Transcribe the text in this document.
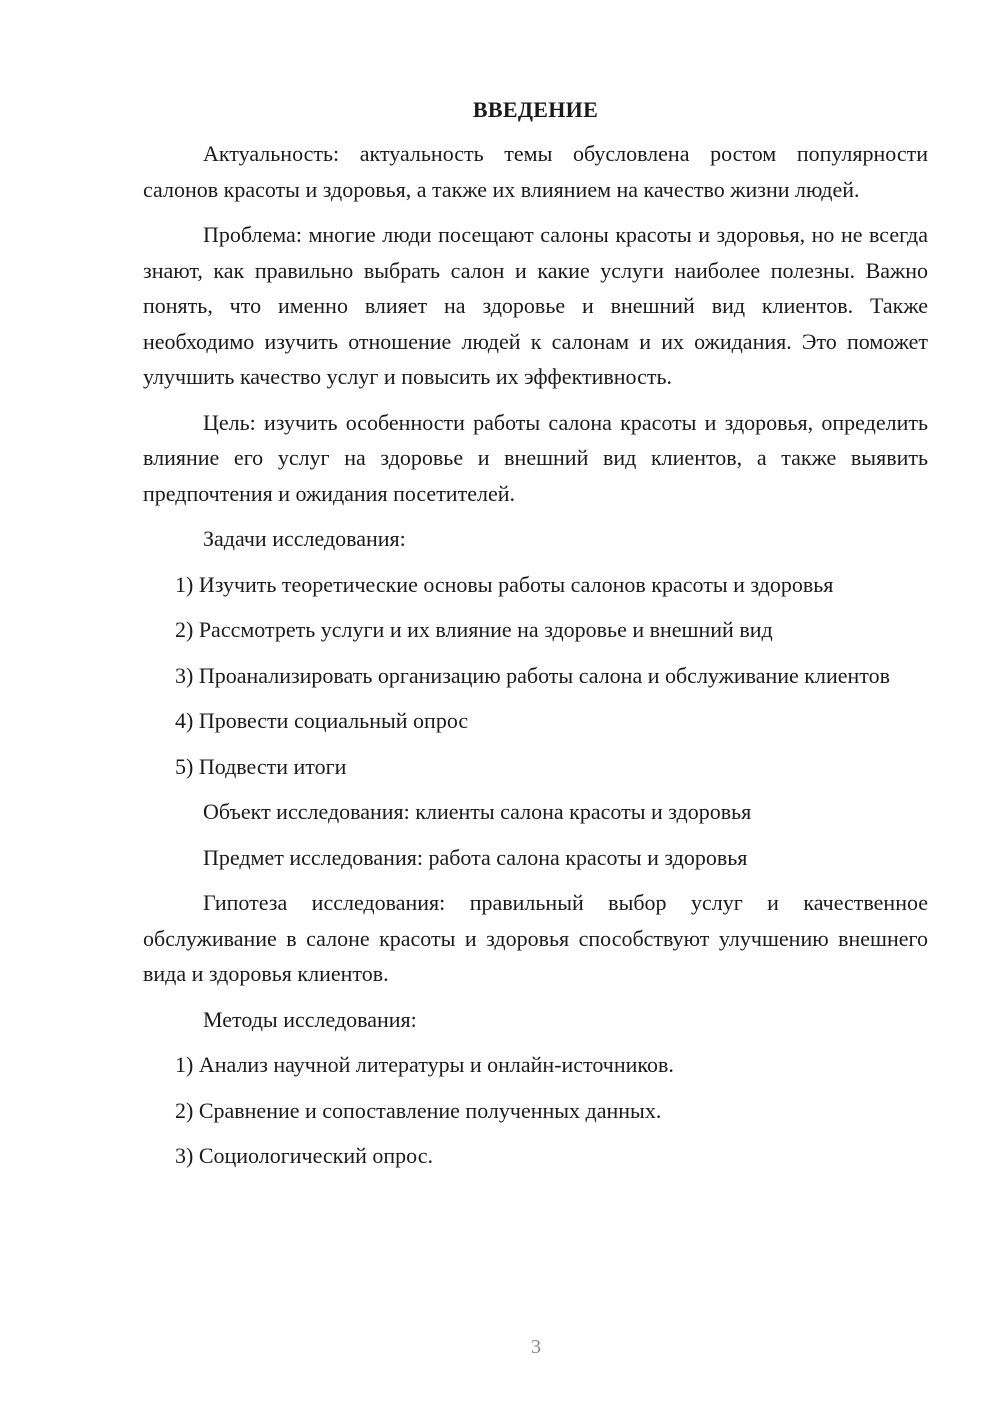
ВВЕДЕНИЕ

Актуальность: актуальность темы обусловлена ростом популярности салонов красоты и здоровья, а также их влиянием на качество жизни людей.

Проблема: многие люди посещают салоны красоты и здоровья, но не всегда знают, как правильно выбрать салон и какие услуги наиболее полезны. Важно понять, что именно влияет на здоровье и внешний вид клиентов. Также необходимо изучить отношение людей к салонам и их ожидания. Это поможет улучшить качество услуг и повысить их эффективность.

Цель: изучить особенности работы салона красоты и здоровья, определить влияние его услуг на здоровье и внешний вид клиентов, а также выявить предпочтения и ожидания посетителей.

Задачи исследования:

1) Изучить теоретические основы работы салонов красоты и здоровья

2) Рассмотреть услуги и их влияние на здоровье и внешний вид

3) Проанализировать организацию работы салона и обслуживание клиентов

4) Провести социальный опрос

5) Подвести итоги

Объект исследования: клиенты салона красоты и здоровья

Предмет исследования: работа салона красоты и здоровья

Гипотеза исследования: правильный выбор услуг и качественное обслуживание в салоне красоты и здоровья способствуют улучшению внешнего вида и здоровья клиентов.

Методы исследования:

1) Анализ научной литературы и онлайн-источников.

2) Сравнение и сопоставление полученных данных.

3) Социологический опрос.

3
